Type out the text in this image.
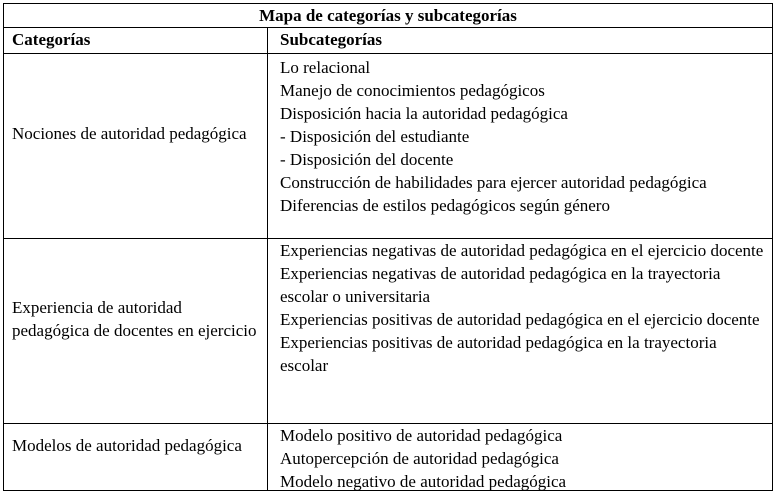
Mapa de categorías y subcategorías
Categorías	Subcategorías
Nociones de autoridad pedagógica
Lo relacional
Manejo de conocimientos pedagógicos
Disposición hacia la autoridad pedagógica
- Disposición del estudiante
- Disposición del docente
Construcción de habilidades para ejercer autoridad pedagógica
Diferencias de estilos pedagógicos según género
Experiencia de autoridad pedagógica de docentes en ejercicio
Experiencias negativas de autoridad pedagógica en el ejercicio docente
Experiencias negativas de autoridad pedagógica en la trayectoria escolar o universitaria
Experiencias positivas de autoridad pedagógica en el ejercicio docente
Experiencias positivas de autoridad pedagógica en la trayectoria escolar
Modelos de autoridad pedagógica
Modelo positivo de autoridad pedagógica
Autopercepción de autoridad pedagógica
Modelo negativo de autoridad pedagógica
